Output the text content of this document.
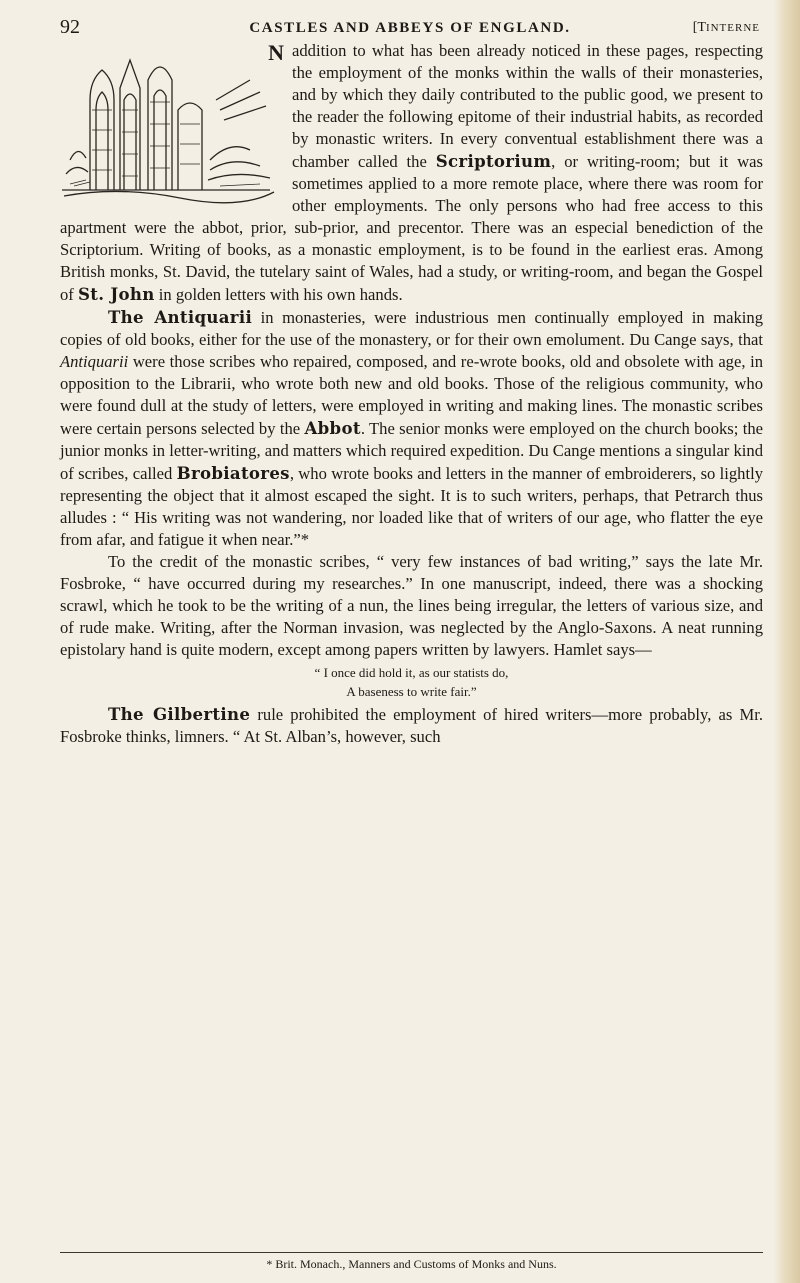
92	CASTLES AND ABBEYS OF ENGLAND.	[TINTERNE
N addition to what has been already noticed in these pages, respecting the employment of the monks within the walls of their monasteries, and by which they daily contributed to the public good, we present to the reader the following epitome of their industrial habits, as recorded by monastic writers. In every conventual establishment there was a chamber called the Scriptorium, or writing-room; but it was sometimes applied to a more remote place, where there was room for other employments. The only persons who had free access to this apartment were the abbot, prior, sub-prior, and precentor. There was an especial benediction of the Scriptorium. Writing of books, as a monastic employment, is to be found in the earliest eras. Among British monks, St. David, the tutelary saint of Wales, had a study, or writing-room, and began the Gospel of St. John in golden letters with his own hands.

The Antiquarii in monasteries, were industrious men continually employed in making copies of old books, either for the use of the monastery, or for their own emolument. Du Cange says, that Antiquarii were those scribes who repaired, composed, and re-wrote books, old and obsolete with age, in opposition to the Librarii, who wrote both new and old books. Those of the religious community, who were found dull at the study of letters, were employed in writing and making lines. The monastic scribes were certain persons selected by the Abbot. The senior monks were employed on the church books; the junior monks in letter-writing, and matters which required expedition. Du Cange mentions a singular kind of scribes, called Brobiatores, who wrote books and letters in the manner of embroiderers, so lightly representing the object that it almost escaped the sight. It is to such writers, perhaps, that Petrarch thus alludes : “ His writing was not wandering, nor loaded like that of writers of our age, who flatter the eye from afar, and fatigue it when near.”*

To the credit of the monastic scribes, “ very few instances of bad writing,” says the late Mr. Fosbroke, “ have occurred during my researches.” In one manuscript, indeed, there was a shocking scrawl, which he took to be the writing of a nun, the lines being irregular, the letters of various size, and of rude make. Writing, after the Norman invasion, was neglected by the Anglo-Saxons. A neat running epistolary hand is quite modern, except among papers written by lawyers. Hamlet says—

“ I once did hold it, as our statists do,
A baseness to write fair.”

The Gilbertine rule prohibited the employment of hired writers—more probably, as Mr. Fosbroke thinks, limners. “ At St. Alban’s, however, such

* Brit. Monach., Manners and Customs of Monks and Nuns.
